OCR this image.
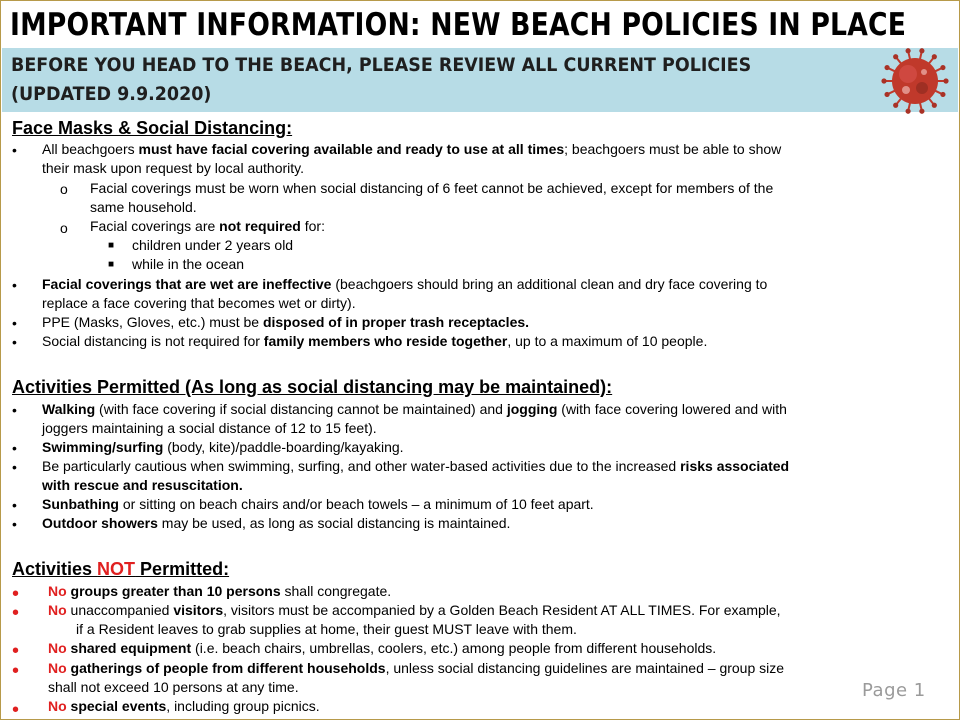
IMPORTANT INFORMATION: NEW BEACH POLICIES IN PLACE
BEFORE YOU HEAD TO THE BEACH, PLEASE REVIEW ALL CURRENT POLICIES
(UPDATED 9.9.2020)
Face Masks & Social Distancing:
• All beachgoers must have facial covering available and ready to use at all times; beachgoers must be able to show
their mask upon request by local authority.
o Facial coverings must be worn when social distancing of 6 feet cannot be achieved, except for members of the
same household.
o Facial coverings are not required for:
■ children under 2 years old
■ while in the ocean
• Facial coverings that are wet are ineffective (beachgoers should bring an additional clean and dry face covering to
replace a face covering that becomes wet or dirty).
• PPE (Masks, Gloves, etc.) must be disposed of in proper trash receptacles.
• Social distancing is not required for family members who reside together, up to a maximum of 10 people.
Activities Permitted (As long as social distancing may be maintained):
• Walking (with face covering if social distancing cannot be maintained) and jogging (with face covering lowered and with
joggers maintaining a social distance of 12 to 15 feet).
• Swimming/surfing (body, kite)/paddle-boarding/kayaking.
• Be particularly cautious when swimming, surfing, and other water-based activities due to the increased risks associated
with rescue and resuscitation.
• Sunbathing or sitting on beach chairs and/or beach towels – a minimum of 10 feet apart.
• Outdoor showers may be used, as long as social distancing is maintained.
Activities NOT Permitted:
• No groups greater than 10 persons shall congregate.
• No unaccompanied visitors, visitors must be accompanied by a Golden Beach Resident AT ALL TIMES. For example,
if a Resident leaves to grab supplies at home, their guest MUST leave with them.
• No shared equipment (i.e. beach chairs, umbrellas, coolers, etc.) among people from different households.
• No gatherings of people from different households, unless social distancing guidelines are maintained – group size
shall not exceed 10 persons at any time.
• No special events, including group picnics.
Page 1
